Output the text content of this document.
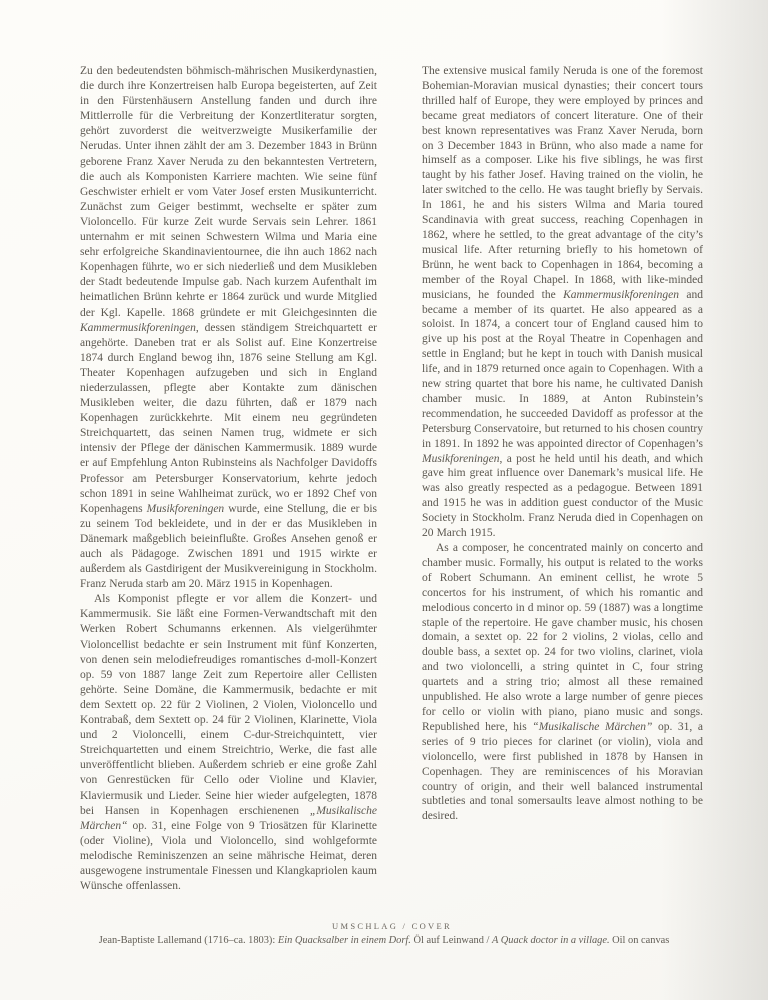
Zu den bedeutendsten böhmisch-mährischen Musikerdynastien, die durch ihre Konzertreisen halb Europa begeisterten, auf Zeit in den Fürstenhäusern Anstellung fanden und durch ihre Mittlerrolle für die Verbreitung der Konzertliteratur sorgten, gehört zuvorderst die weitverzweigte Musikerfamilie der Nerudas. Unter ihnen zählt der am 3. Dezember 1843 in Brünn geborene Franz Xaver Neruda zu den bekanntesten Vertretern, die auch als Komponisten Karriere machten. Wie seine fünf Geschwister erhielt er vom Vater Josef ersten Musikunterricht. Zunächst zum Geiger bestimmt, wechselte er später zum Violoncello. Für kurze Zeit wurde Servais sein Lehrer. 1861 unternahm er mit seinen Schwestern Wilma und Maria eine sehr erfolgreiche Skandinavientournee, die ihn auch 1862 nach Kopenhagen führte, wo er sich niederließ und dem Musikleben der Stadt bedeutende Impulse gab. Nach kurzem Aufenthalt im heimatlichen Brünn kehrte er 1864 zurück und wurde Mitglied der Kgl. Kapelle. 1868 gründete er mit Gleichgesinnten die Kammermusikforeningen, dessen ständigem Streichquartett er angehörte. Daneben trat er als Solist auf. Eine Konzertreise 1874 durch England bewog ihn, 1876 seine Stellung am Kgl. Theater Kopenhagen aufzugeben und sich in England niederzulassen, pflegte aber Kontakte zum dänischen Musikleben weiter, die dazu führten, daß er 1879 nach Kopenhagen zurückkehrte. Mit einem neu gegründeten Streichquartett, das seinen Namen trug, widmete er sich intensiv der Pflege der dänischen Kammermusik. 1889 wurde er auf Empfehlung Anton Rubinsteins als Nachfolger Davidoffs Professor am Petersburger Konservatorium, kehrte jedoch schon 1891 in seine Wahlheimat zurück, wo er 1892 Chef von Kopenhagens Musikforeningen wurde, eine Stellung, die er bis zu seinem Tod bekleidete, und in der er das Musikleben in Dänemark maßgeblich beieinflußte. Großes Ansehen genoß er auch als Pädagoge. Zwischen 1891 und 1915 wirkte er außerdem als Gastdirigent der Musikvereinigung in Stockholm. Franz Neruda starb am 20. März 1915 in Kopenhagen.

Als Komponist pflegte er vor allem die Konzert- und Kammermusik. Sie läßt eine Formen-Verwandtschaft mit den Werken Robert Schumanns erkennen. Als vielgerühmter Violoncellist bedachte er sein Instrument mit fünf Konzerten, von denen sein melodiefreudiges romantisches d-moll-Konzert op. 59 von 1887 lange Zeit zum Repertoire aller Cellisten gehörte. Seine Domäne, die Kammermusik, bedachte er mit dem Sextett op. 22 für 2 Violinen, 2 Violen, Violoncello und Kontrabaß, dem Sextett op. 24 für 2 Violinen, Klarinette, Viola und 2 Violoncelli, einem C-dur-Streichquintett, vier Streichquartetten und einem Streichtrio, Werke, die fast alle unveröffentlicht blieben. Außerdem schrieb er eine große Zahl von Genrestücken für Cello oder Violine und Klavier, Klaviermusik und Lieder. Seine hier wieder aufgelegten, 1878 bei Hansen in Kopenhagen erschienenen „Musikalische Märchen“ op. 31, eine Folge von 9 Triosätzen für Klarinette (oder Violine), Viola und Violoncello, sind wohlgeformte melodische Reminiszenzen an seine mährische Heimat, deren ausgewogene instrumentale Finessen und Klangkapriolen kaum Wünsche offenlassen.

The extensive musical family Neruda is one of the foremost Bohemian-Moravian musical dynasties; their concert tours thrilled half of Europe, they were employed by princes and became great mediators of concert literature. One of their best known representatives was Franz Xaver Neruda, born on 3 December 1843 in Brünn, who also made a name for himself as a composer. Like his five siblings, he was first taught by his father Josef. Having trained on the violin, he later switched to the cello. He was taught briefly by Servais. In 1861, he and his sisters Wilma and Maria toured Scandinavia with great success, reaching Copenhagen in 1862, where he settled, to the great advantage of the city’s musical life. After returning briefly to his hometown of Brünn, he went back to Copenhagen in 1864, becoming a member of the Royal Chapel. In 1868, with like-minded musicians, he founded the Kammermusikforeningen and became a member of its quartet. He also appeared as a soloist. In 1874, a concert tour of England caused him to give up his post at the Royal Theatre in Copenhagen and settle in England; but he kept in touch with Danish musical life, and in 1879 returned once again to Copenhagen. With a new string quartet that bore his name, he cultivated Danish chamber music. In 1889, at Anton Rubinstein’s recommendation, he succeeded Davidoff as professor at the Petersburg Conservatoire, but returned to his chosen country in 1891. In 1892 he was appointed director of Copenhagen’s Musikforeningen, a post he held until his death, and which gave him great influence over Danemark’s musical life. He was also greatly respected as a pedagogue. Between 1891 and 1915 he was in addition guest conductor of the Music Society in Stockholm. Franz Neruda died in Copenhagen on 20 March 1915.

As a composer, he concentrated mainly on concerto and chamber music. Formally, his output is related to the works of Robert Schumann. An eminent cellist, he wrote 5 concertos for his instrument, of which his romantic and melodious concerto in d minor op. 59 (1887) was a longtime staple of the repertoire. He gave chamber music, his chosen domain, a sextet op. 22 for 2 violins, 2 violas, cello and double bass, a sextet op. 24 for two violins, clarinet, viola and two violoncelli, a string quintet in C, four string quartets and a string trio; almost all these remained unpublished. He also wrote a large number of genre pieces for cello or violin with piano, piano music and songs. Republished here, his “Musikalische Märchen” op. 31, a series of 9 trio pieces for clarinet (or violin), viola and violoncello, were first published in 1878 by Hansen in Copenhagen. They are reminiscences of his Moravian country of origin, and their well balanced instrumental subtleties and tonal somersaults leave almost nothing to be desired.

UMSCHLAG / COVER
Jean-Baptiste Lallemand (1716–ca. 1803): Ein Quacksalber in einem Dorf. Öl auf Leinwand / A Quack doctor in a village. Oil on canvas
